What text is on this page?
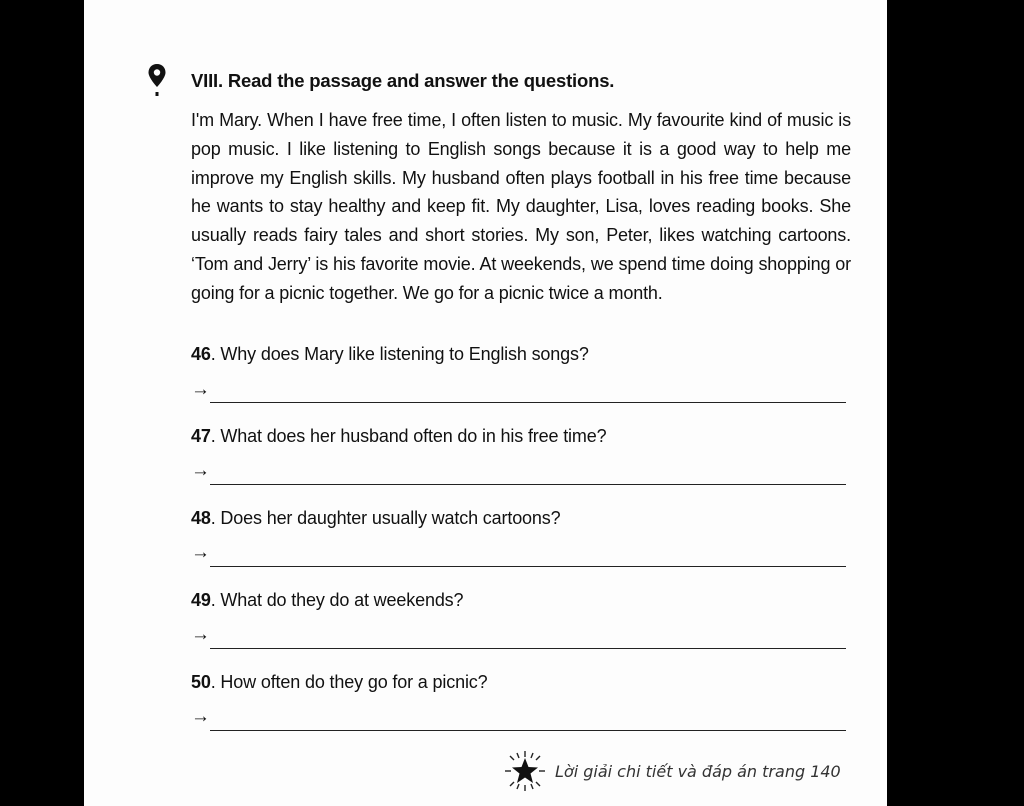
VIII. Read the passage and answer the questions.
I'm Mary. When I have free time, I often listen to music. My favourite kind of music is pop music. I like listening to English songs because it is a good way to help me improve my English skills. My husband often plays football in his free time because he wants to stay healthy and keep fit. My daughter, Lisa, loves reading books. She usually reads fairy tales and short stories. My son, Peter, likes watching cartoons. ‘Tom and Jerry’ is his favorite movie. At weekends, we spend time doing shopping or going for a picnic together. We go for a picnic twice a month.
46. Why does Mary like listening to English songs?
→
47. What does her husband often do in his free time?
→
48. Does her daughter usually watch cartoons?
→
49. What do they do at weekends?
→
50. How often do they go for a picnic?
→
Lời giải chi tiết và đáp án trang 140
